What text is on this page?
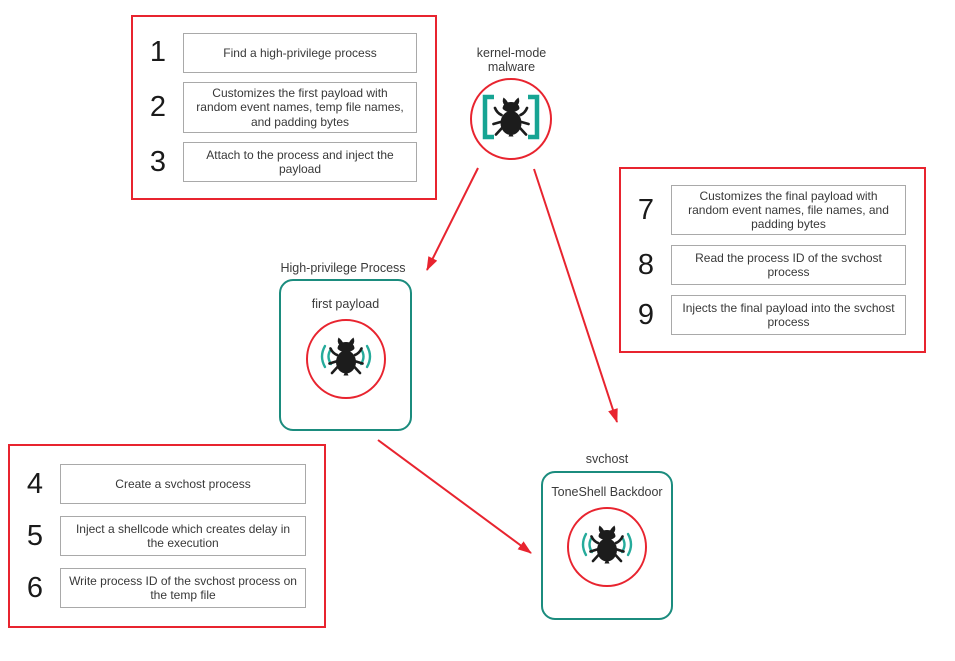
1	Find a high-privilege process
2	Customizes the first payload with random event names, temp file names, and padding bytes
3	Attach to the process and inject the payload
7	Customizes the final payload with random event names, file names, and padding bytes
8	Read the process ID of the svchost process
9	Injects the final payload into the svchost process
4	Create a svchost process
5	Inject a shellcode which creates delay in the execution
6	Write process ID of the svchost process on the temp file
kernel-mode
malware
High-privilege Process
first payload
svchost
ToneShell Backdoor
